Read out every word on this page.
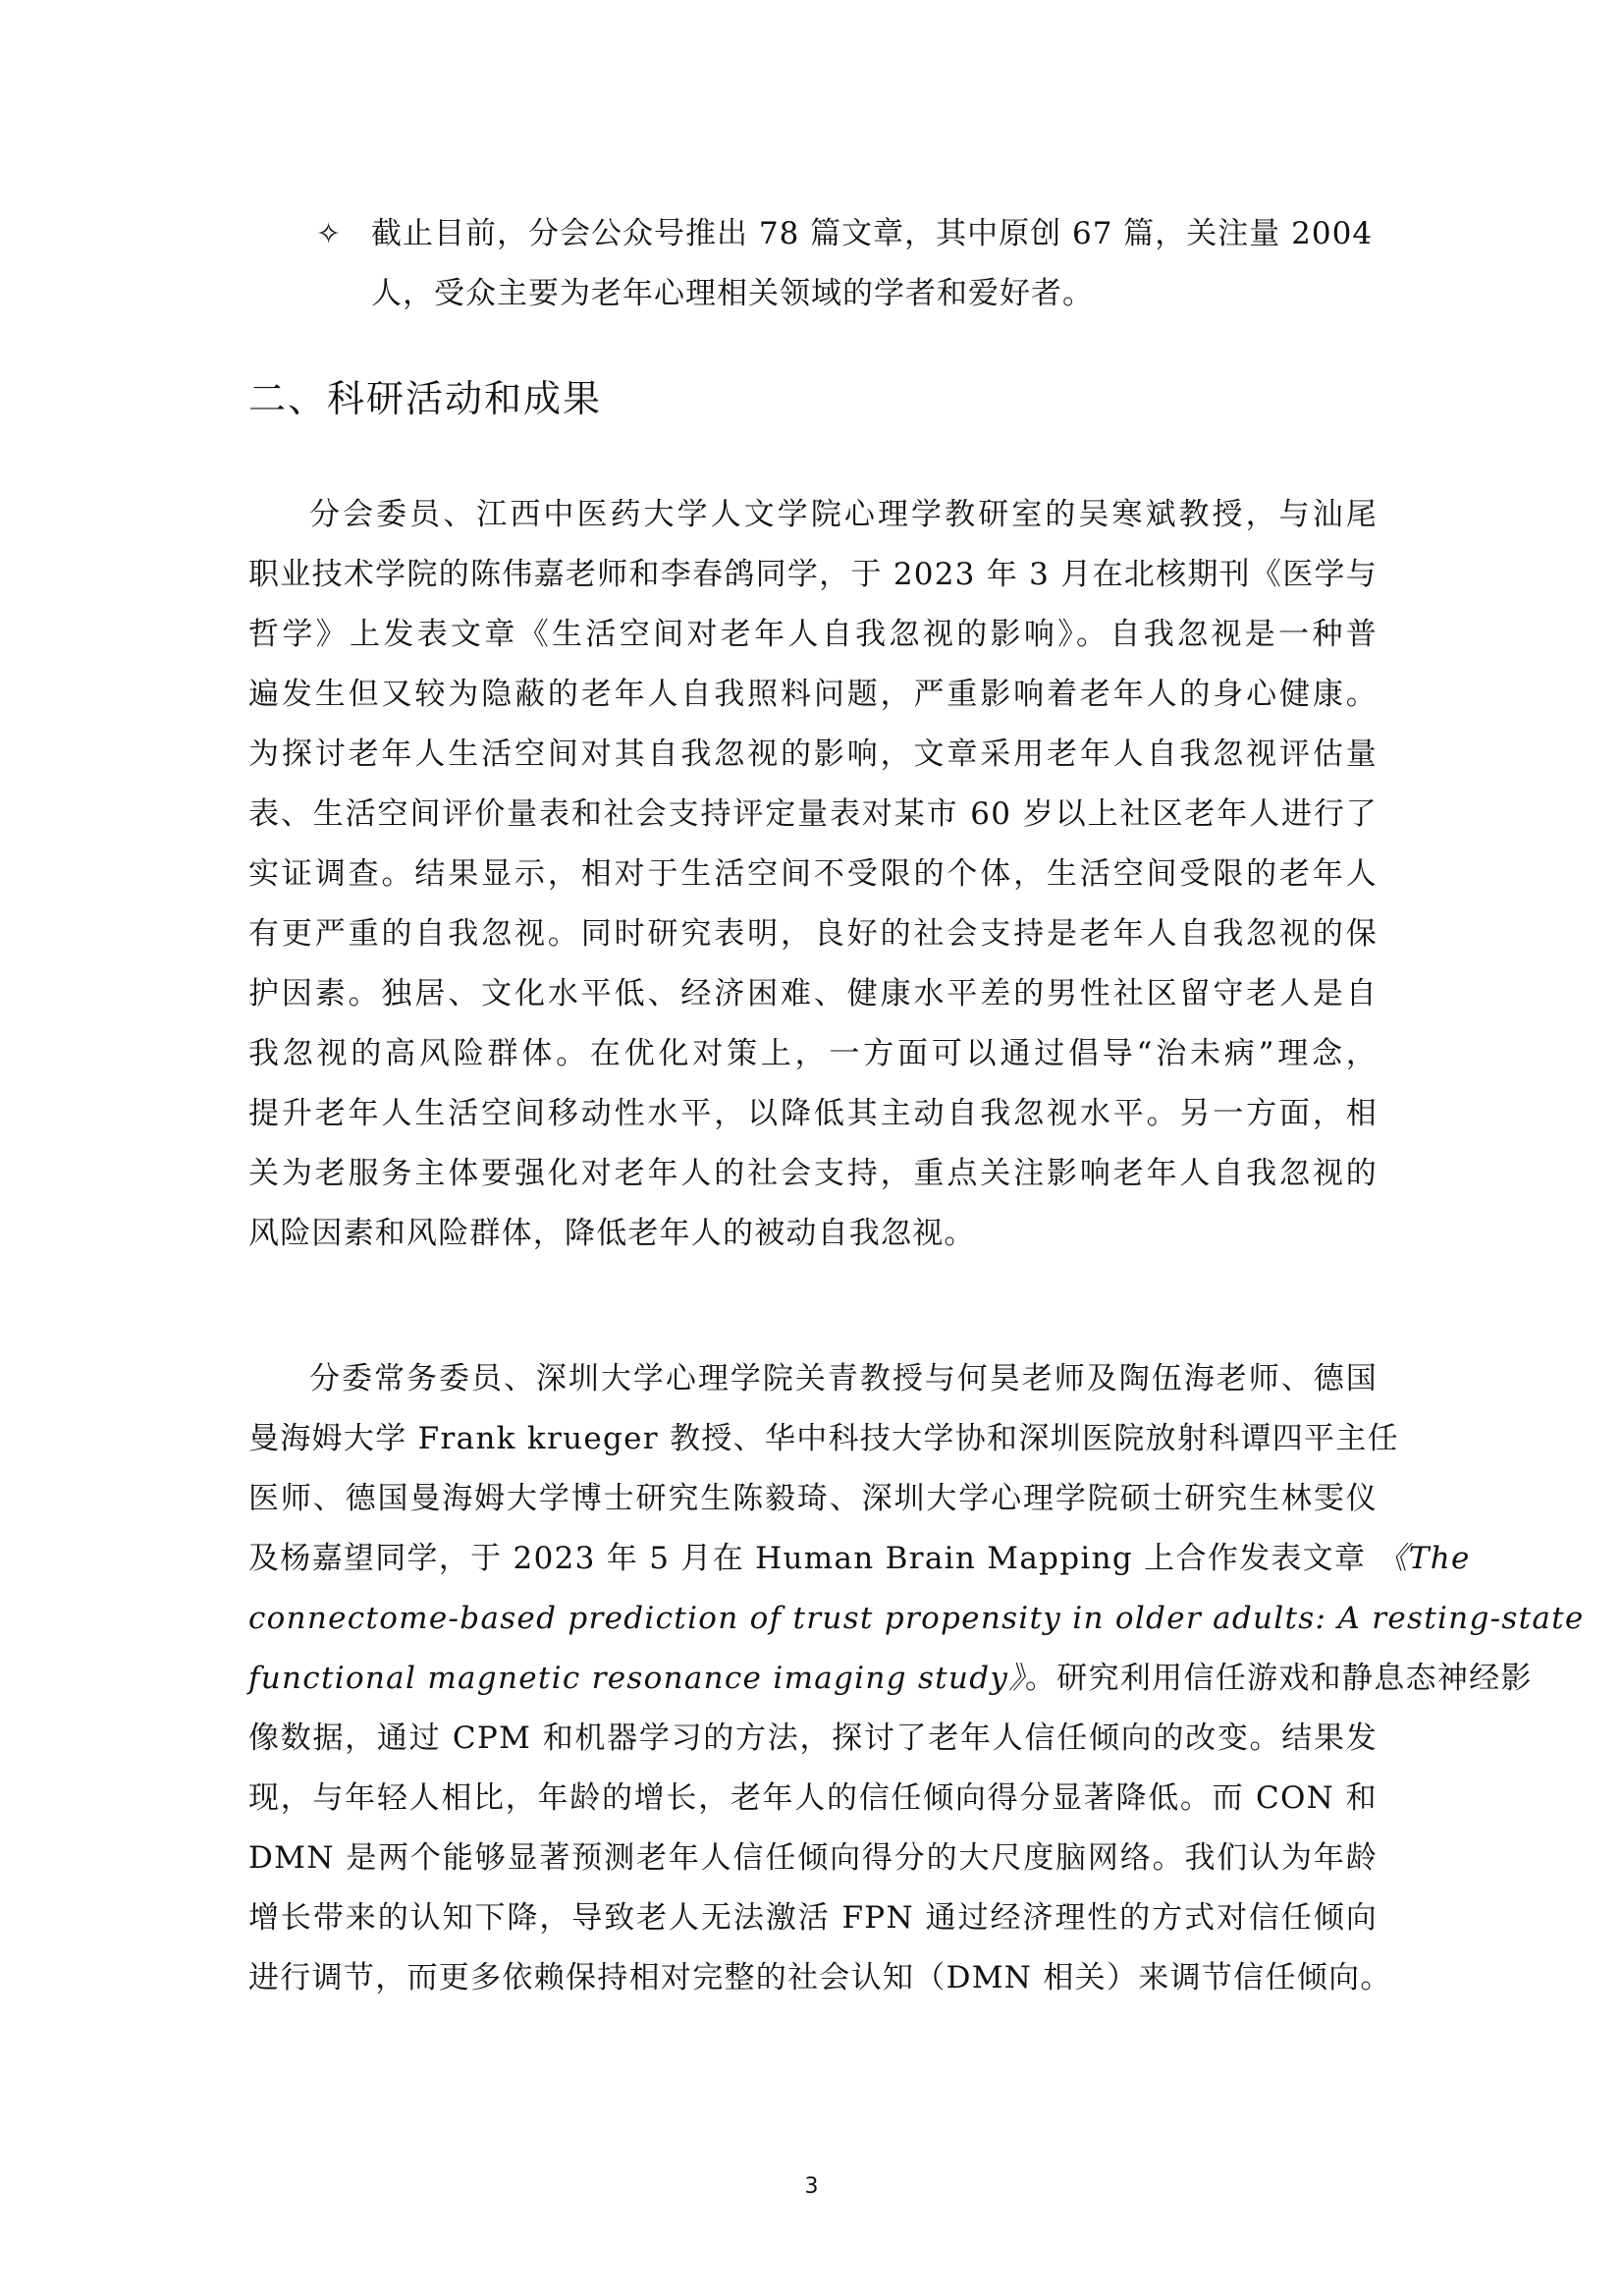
✧ 截止目前，分会公众号推出 78 篇文章，其中原创 67 篇，关注量 2004
人，受众主要为老年心理相关领域的学者和爱好者。
二、科研活动和成果
分会委员、江西中医药大学人文学院心理学教研室的吴寒斌教授，与汕尾
职业技术学院的陈伟嘉老师和李春鸽同学，于 2023 年 3 月在北核期刊《医学与
哲学》上发表文章《生活空间对老年人自我忽视的影响》。自我忽视是一种普
遍发生但又较为隐蔽的老年人自我照料问题，严重影响着老年人的身心健康。
为探讨老年人生活空间对其自我忽视的影响，文章采用老年人自我忽视评估量
表、生活空间评价量表和社会支持评定量表对某市 60 岁以上社区老年人进行了
实证调查。结果显示，相对于生活空间不受限的个体，生活空间受限的老年人
有更严重的自我忽视。同时研究表明，良好的社会支持是老年人自我忽视的保
护因素。独居、文化水平低、经济困难、健康水平差的男性社区留守老人是自
我忽视的高风险群体。在优化对策上，一方面可以通过倡导“治未病”理念，
提升老年人生活空间移动性水平，以降低其主动自我忽视水平。另一方面，相
关为老服务主体要强化对老年人的社会支持，重点关注影响老年人自我忽视的
风险因素和风险群体，降低老年人的被动自我忽视。
分委常务委员、深圳大学心理学院关青教授与何昊老师及陶伍海老师、德国
曼海姆大学 Frank krueger 教授、华中科技大学协和深圳医院放射科谭四平主任
医师、德国曼海姆大学博士研究生陈毅琦、深圳大学心理学院硕士研究生林雯仪
及杨嘉望同学，于 2023 年 5 月在 Human Brain Mapping 上合作发表文章 《The
connectome-based prediction of trust propensity in older adults: A resting-state
functional magnetic resonance imaging study》。研究利用信任游戏和静息态神经影
像数据，通过 CPM 和机器学习的方法，探讨了老年人信任倾向的改变。结果发
现，与年轻人相比，年龄的增长，老年人的信任倾向得分显著降低。而 CON 和
DMN 是两个能够显著预测老年人信任倾向得分的大尺度脑网络。我们认为年龄
增长带来的认知下降，导致老人无法激活 FPN 通过经济理性的方式对信任倾向
进行调节，而更多依赖保持相对完整的社会认知（DMN 相关）来调节信任倾向。
3
